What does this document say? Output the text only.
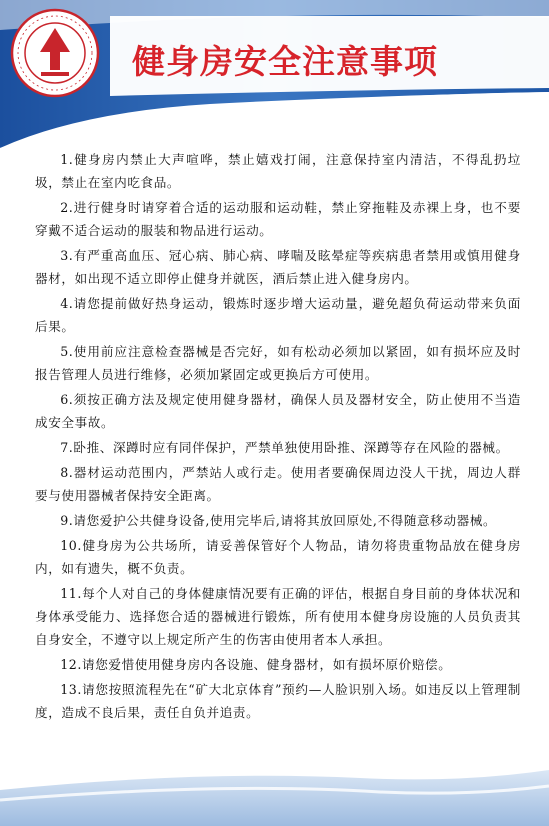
健身房安全注意事项

1.健身房内禁止大声喧哗，禁止嬉戏打闹，注意保持室内清洁，不得乱扔垃圾，禁止在室内吃食品。

2.进行健身时请穿着合适的运动服和运动鞋，禁止穿拖鞋及赤裸上身，也不要穿戴不适合运动的服装和物品进行运动。

3.有严重高血压、冠心病、肺心病、哮喘及眩晕症等疾病患者禁用或慎用健身器材，如出现不适立即停止健身并就医，酒后禁止进入健身房内。

4.请您提前做好热身运动，锻炼时逐步增大运动量，避免超负荷运动带来负面后果。

5.使用前应注意检查器械是否完好，如有松动必须加以紧固，如有损坏应及时报告管理人员进行维修，必须加紧固定或更换后方可使用。

6.须按正确方法及规定使用健身器材，确保人员及器材安全，防止使用不当造成安全事故。

7.卧推、深蹲时应有同伴保护，严禁单独使用卧推、深蹲等存在风险的器械。

8.器材运动范围内，严禁站人或行走。使用者要确保周边没人干扰，周边人群要与使用器械者保持安全距离。

9.请您爱护公共健身设备,使用完毕后,请将其放回原处,不得随意移动器械。

10.健身房为公共场所，请妥善保管好个人物品，请勿将贵重物品放在健身房内，如有遗失，概不负责。

11.每个人对自己的身体健康情况要有正确的评估，根据自身目前的身体状况和身体承受能力、选择您合适的器械进行锻炼，所有使用本健身房设施的人员负责其自身安全，不遵守以上规定所产生的伤害由使用者本人承担。

12.请您爱惜使用健身房内各设施、健身器材，如有损坏原价赔偿。

13.请您按照流程先在“矿大北京体育”预约—人脸识别入场。如违反以上管理制度，造成不良后果，责任自负并追责。
